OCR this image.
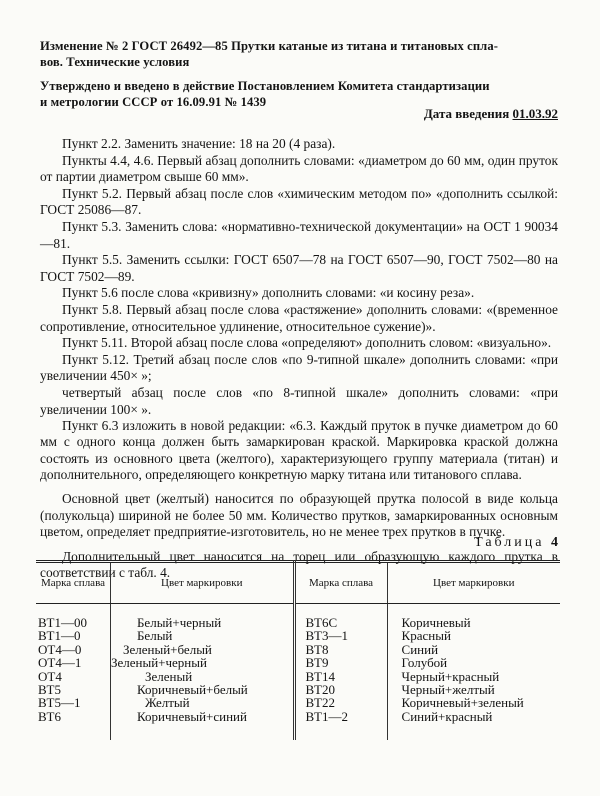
Изменение № 2 ГОСТ 26492—85 Прутки катаные из титана и титановых спла-
вов. Технические условия
Утверждено и введено в действие Постановлением Комитета стандартизации
и метрологии СССР от 16.09.91 № 1439
Дата введения 01.03.92

Пункт 2.2. Заменить значение: 18 на 20 (4 раза).

Пункты 4.4, 4.6. Первый абзац дополнить словами: «диаметром до 60 мм, один пруток от партии диаметром свыше 60 мм».

Пункт 5.2. Первый абзац после слов «химическим методом по» «дополнить ссылкой: ГОСТ 25086—87.

Пункт 5.3. Заменить слова: «нормативно-технической документации» на ОСТ 1 90034—81.

Пункт 5.5. Заменить ссылки: ГОСТ 6507—78 на ГОСТ 6507—90, ГОСТ 7502—80 на ГОСТ 7502—89.

Пункт 5.6 после слова «кривизну» дополнить словами: «и косину реза».

Пункт 5.8. Первый абзац после слова «растяжение» дополнить словами: «(временное сопротивление, относительное удлинение, относительное сужение)».

Пункт 5.11. Второй абзац после слова «определяют» дополнить словом: «визуально».

Пункт 5.12. Третий абзац после слов «по 9-типной шкале» дополнить словами: «при увеличении 450× »;

четвертый абзац после слов «по 8-типной шкале» дополнить словами: «при увеличении 100× ».

Пункт 6.3 изложить в новой редакции: «6.3. Каждый пруток в пучке диаметром до 60 мм с одного конца должен быть замаркирован краской. Маркировка краской должна состоять из основного цвета (желтого), характеризующего группу материала (титан) и дополнительного, определяющего конкретную марку титана или титанового сплава.

Основной цвет (желтый) наносится по образующей прутка полосой в виде кольца (полукольца) шириной не более 50 мм. Количество прутков, замаркированных основным цветом, определяет предприятие-изготовитель, но не менее трех прутков в пучке.

Дополнительный цвет наносится на торец или образующую каждого прутка в соответствии с табл. 4.

Таблица 4
Марка сплава	Цвет маркировки	Марка сплава	Цвет маркировки
ВТ1—00	Белый+черный	ВТ6С	Коричневый
ВТ1—0	Белый	ВТ3—1	Красный
ОТ4—0	Зеленый+белый	ВТ8	Синий
ОТ4—1	Зеленый+черный	ВТ9	Голубой
ОТ4	Зеленый	ВТ14	Черный+красный
ВТ5	Коричневый+белый	ВТ20	Черный+желтый
ВТ5—1	Желтый	ВТ22	Коричневый+зеленый
ВТ6	Коричневый+синий	ВТ1—2	Синий+красный
